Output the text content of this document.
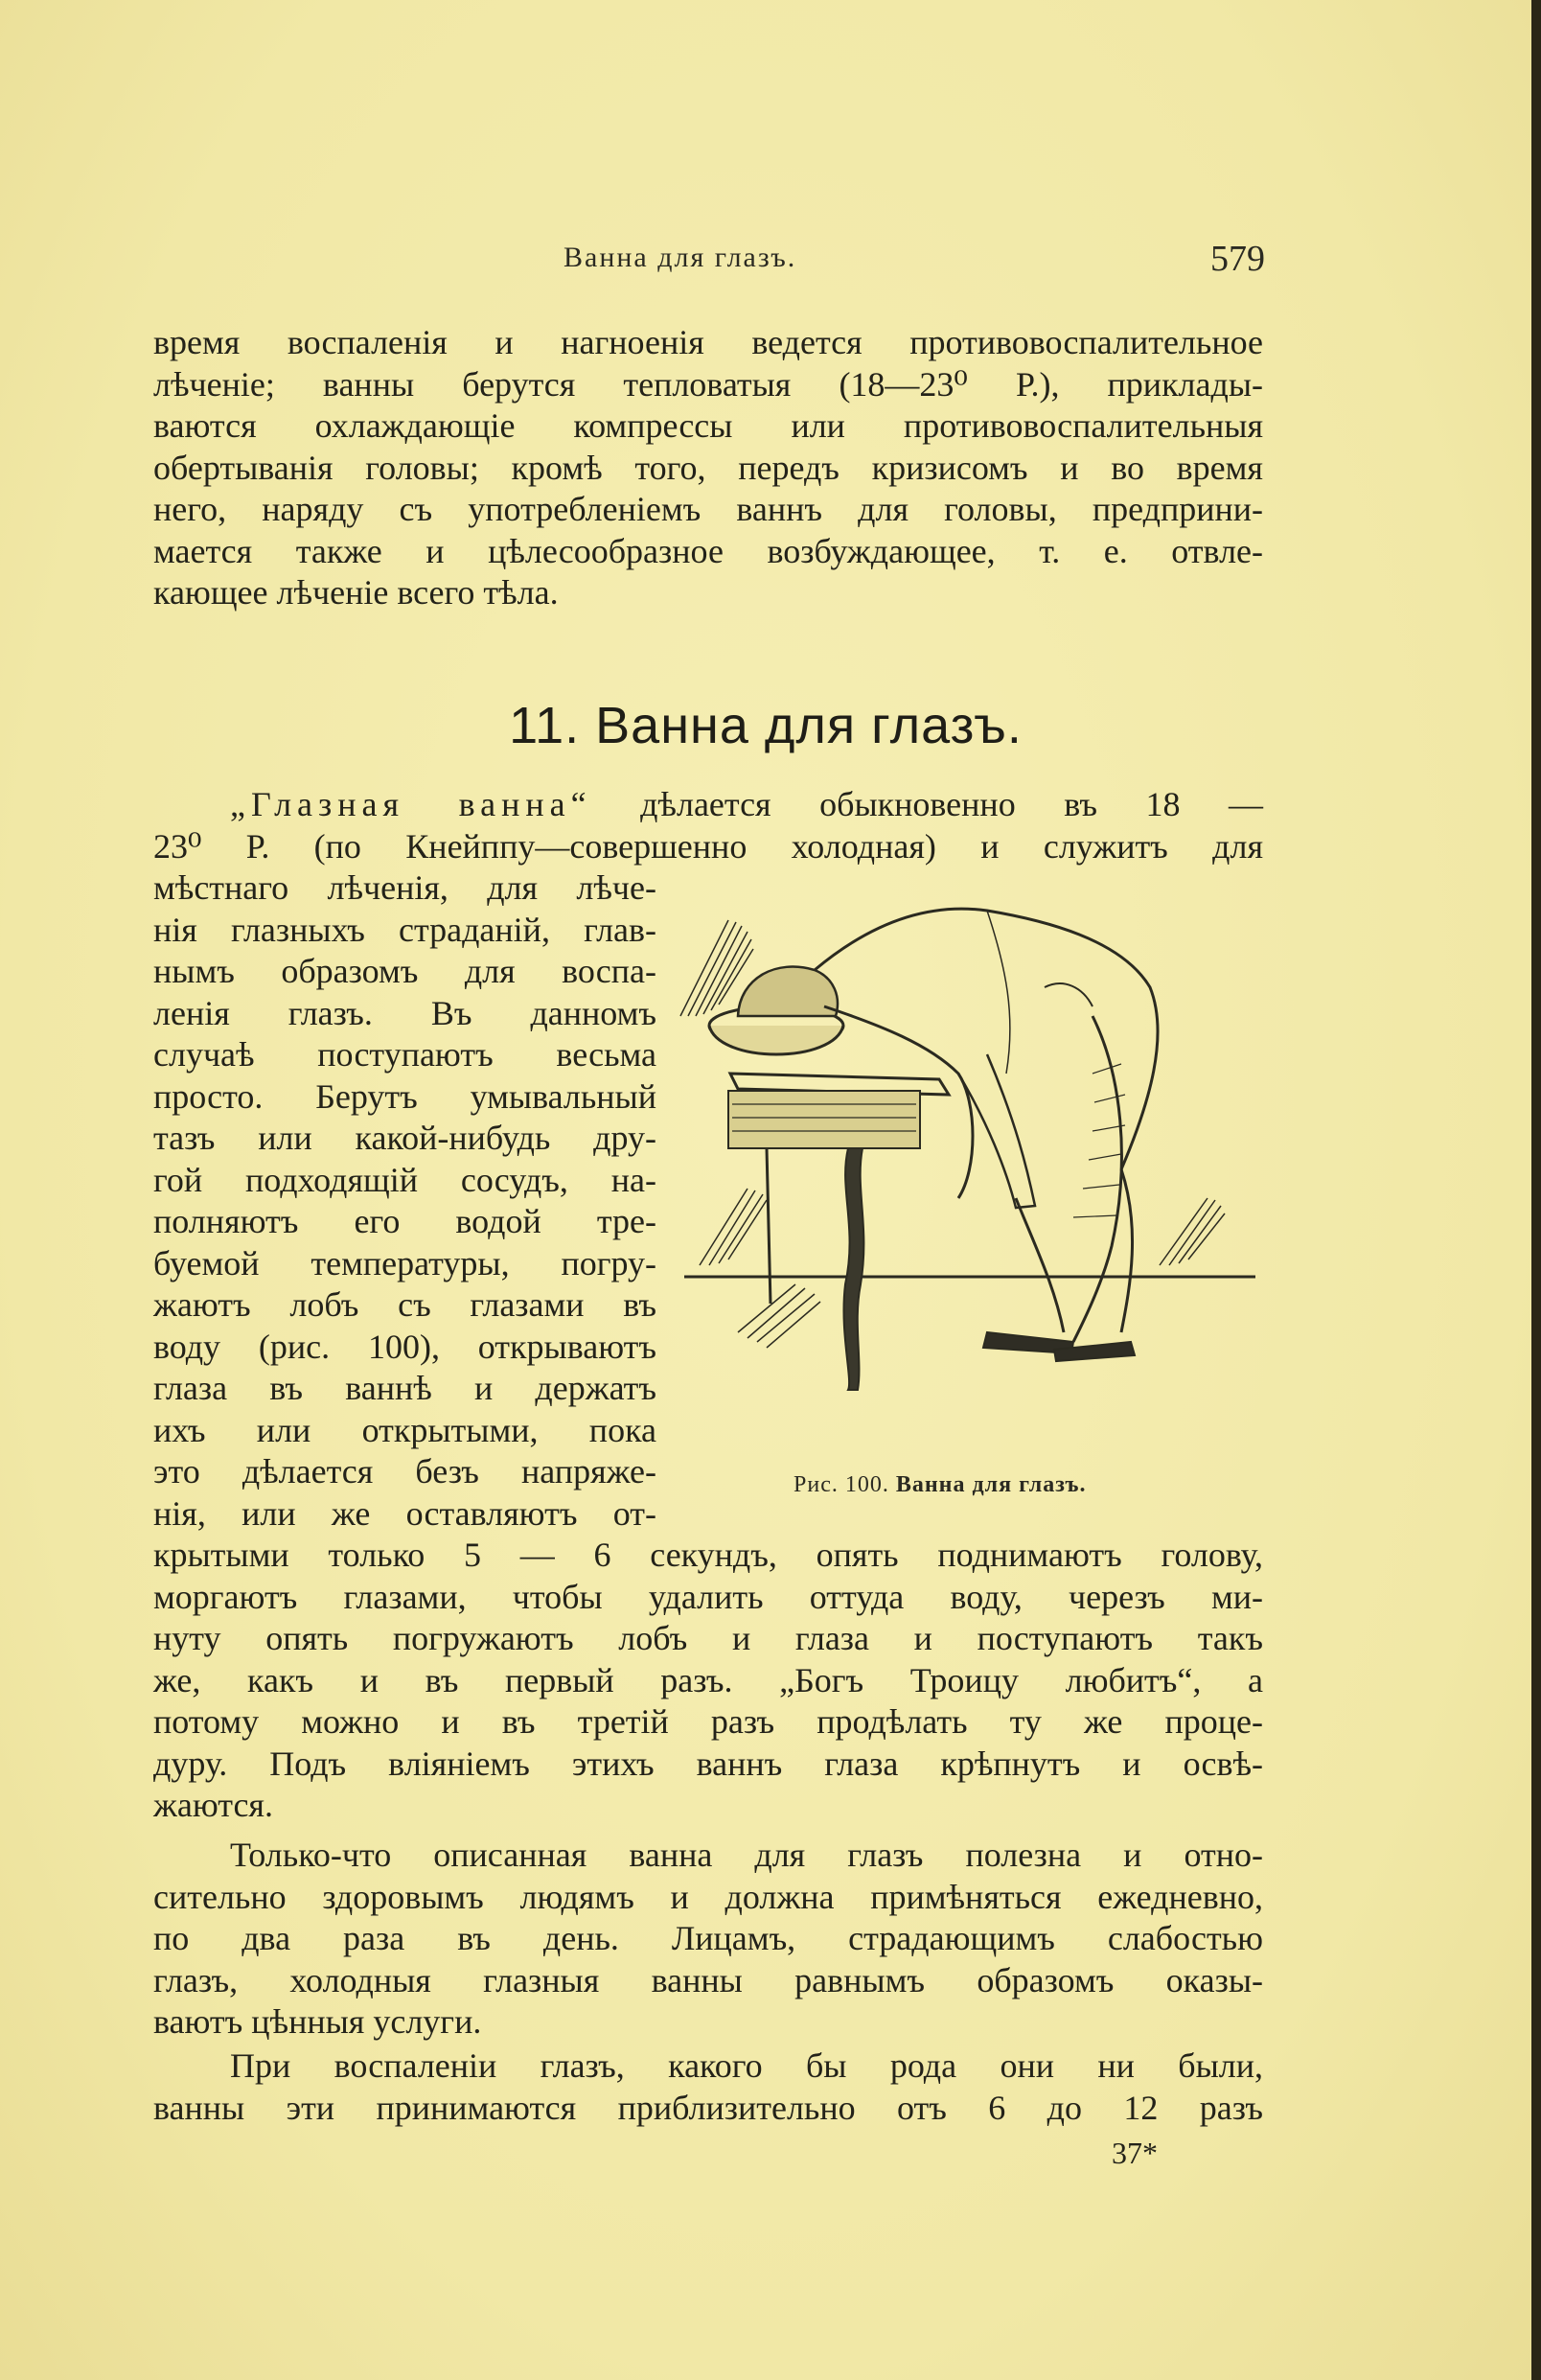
Ванна для глазъ.	579
время воспаленія и нагноенія ведется противовоспалительное
лѣченіе; ванны берутся тепловатыя (18—23⁰ Р.), приклады-
ваются охлаждающіе компрессы или противовоспалительныя
обертыванія головы; кромѣ того, передъ кризисомъ и во время
него, наряду съ употребленіемъ ваннъ для головы, предприни-
мается также и цѣлесообразное возбуждающее, т. е. отвле-
кающее лѣченіе всего тѣла.
11. Ванна для глазъ.
„Глазная ванна“ дѣлается обыкновенно въ 18 —
23⁰ Р. (по Кнейппу—совершенно холодная) и служитъ для
мѣстнаго лѣченія, для лѣче-
нія глазныхъ страданій, глав-
нымъ образомъ для воспа-
ленія глазъ. Въ данномъ
случаѣ поступаютъ весьма
просто. Берутъ умывальный
тазъ или какой-нибудь дру-
гой подходящій сосудъ, на-
полняютъ его водой тре-
буемой температуры, погру-
жаютъ лобъ съ глазами въ
воду (рис. 100), открываютъ
глаза въ ваннѣ и держатъ
ихъ или открытыми, пока
это дѣлается безъ напряже-
нія, или же оставляютъ от-
Рис. 100. Ванна для глазъ.
крытыми только 5 — 6 секундъ, опять поднимаютъ голову,
моргаютъ глазами, чтобы удалить оттуда воду, черезъ ми-
нуту опять погружаютъ лобъ и глаза и поступаютъ такъ
же, какъ и въ первый разъ. „Богъ Троицу любитъ“, а
потому можно и въ третій разъ продѣлать ту же проце-
дуру. Подъ вліяніемъ этихъ ваннъ глаза крѣпнутъ и освѣ-
жаются.
Только-что описанная ванна для глазъ полезна и отно-
сительно здоровымъ людямъ и должна примѣняться ежедневно,
по два раза въ день. Лицамъ, страдающимъ слабостью
глазъ, холодныя глазныя ванны равнымъ образомъ оказы-
ваютъ цѣнныя услуги.
При воспаленіи глазъ, какого бы рода они ни были,
ванны эти принимаются приблизительно отъ 6 до 12 разъ
37*
